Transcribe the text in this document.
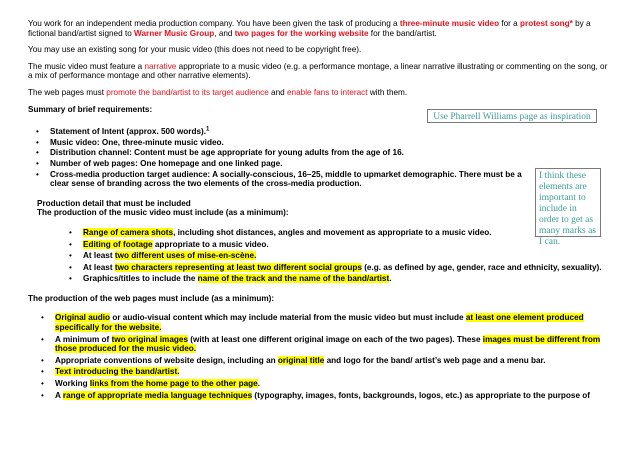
You work for an independent media production company. You have been given the task of producing a three-minute music video for a protest song* by a fictional band/artist signed to Warner Music Group, and two pages for the working website for the band/artist.

You may use an existing song for your music video (this does not need to be copyright free).

The music video must feature a narrative appropriate to a music video (e.g. a performance montage, a linear narrative illustrating or commenting on the song, or a mix of performance montage and other narrative elements).

The web pages must promote the band/artist to its target audience and enable fans to interact with them.

Summary of brief requirements:

• Statement of Intent (approx. 500 words).$^1$
• Music video: One, three-minute music video.
• Distribution channel: Content must be age appropriate for young adults from the age of 16.
• Number of web pages: One homepage and one linked page.
• Cross-media production target audience: A socially-conscious, 16–25, middle to upmarket demographic. There must be a clear sense of branding across the two elements of the cross-media production.

Production detail that must be included

The production of the music video must include (as a minimum):

• Range of camera shots, including shot distances, angles and movement as appropriate to a music video.
• Editing of footage appropriate to a music video.
• At least two different uses of mise-en-scène.
• At least two characters representing at least two different social groups (e.g. as defined by age, gender, race and ethnicity, sexuality).
• Graphics/titles to include the name of the track and the name of the band/artist.

The production of the web pages must include (as a minimum):

• Original audio or audio-visual content which may include material from the music video but must include at least one element produced specifically for the website.
• A minimum of two original images (with at least one different original image on each of the two pages). These images must be different from those produced for the music video.
• Appropriate conventions of website design, including an original title and logo for the band/ artist’s web page and a menu bar.
• Text introducing the band/artist.
• Working links from the home page to the other page.
• A range of appropriate media language techniques (typography, images, fonts, backgrounds, logos, etc.) as appropriate to the purpose of
Use Pharrell Williams page as inspiration
I think these elements are important to include in order to get as many marks as I can.
